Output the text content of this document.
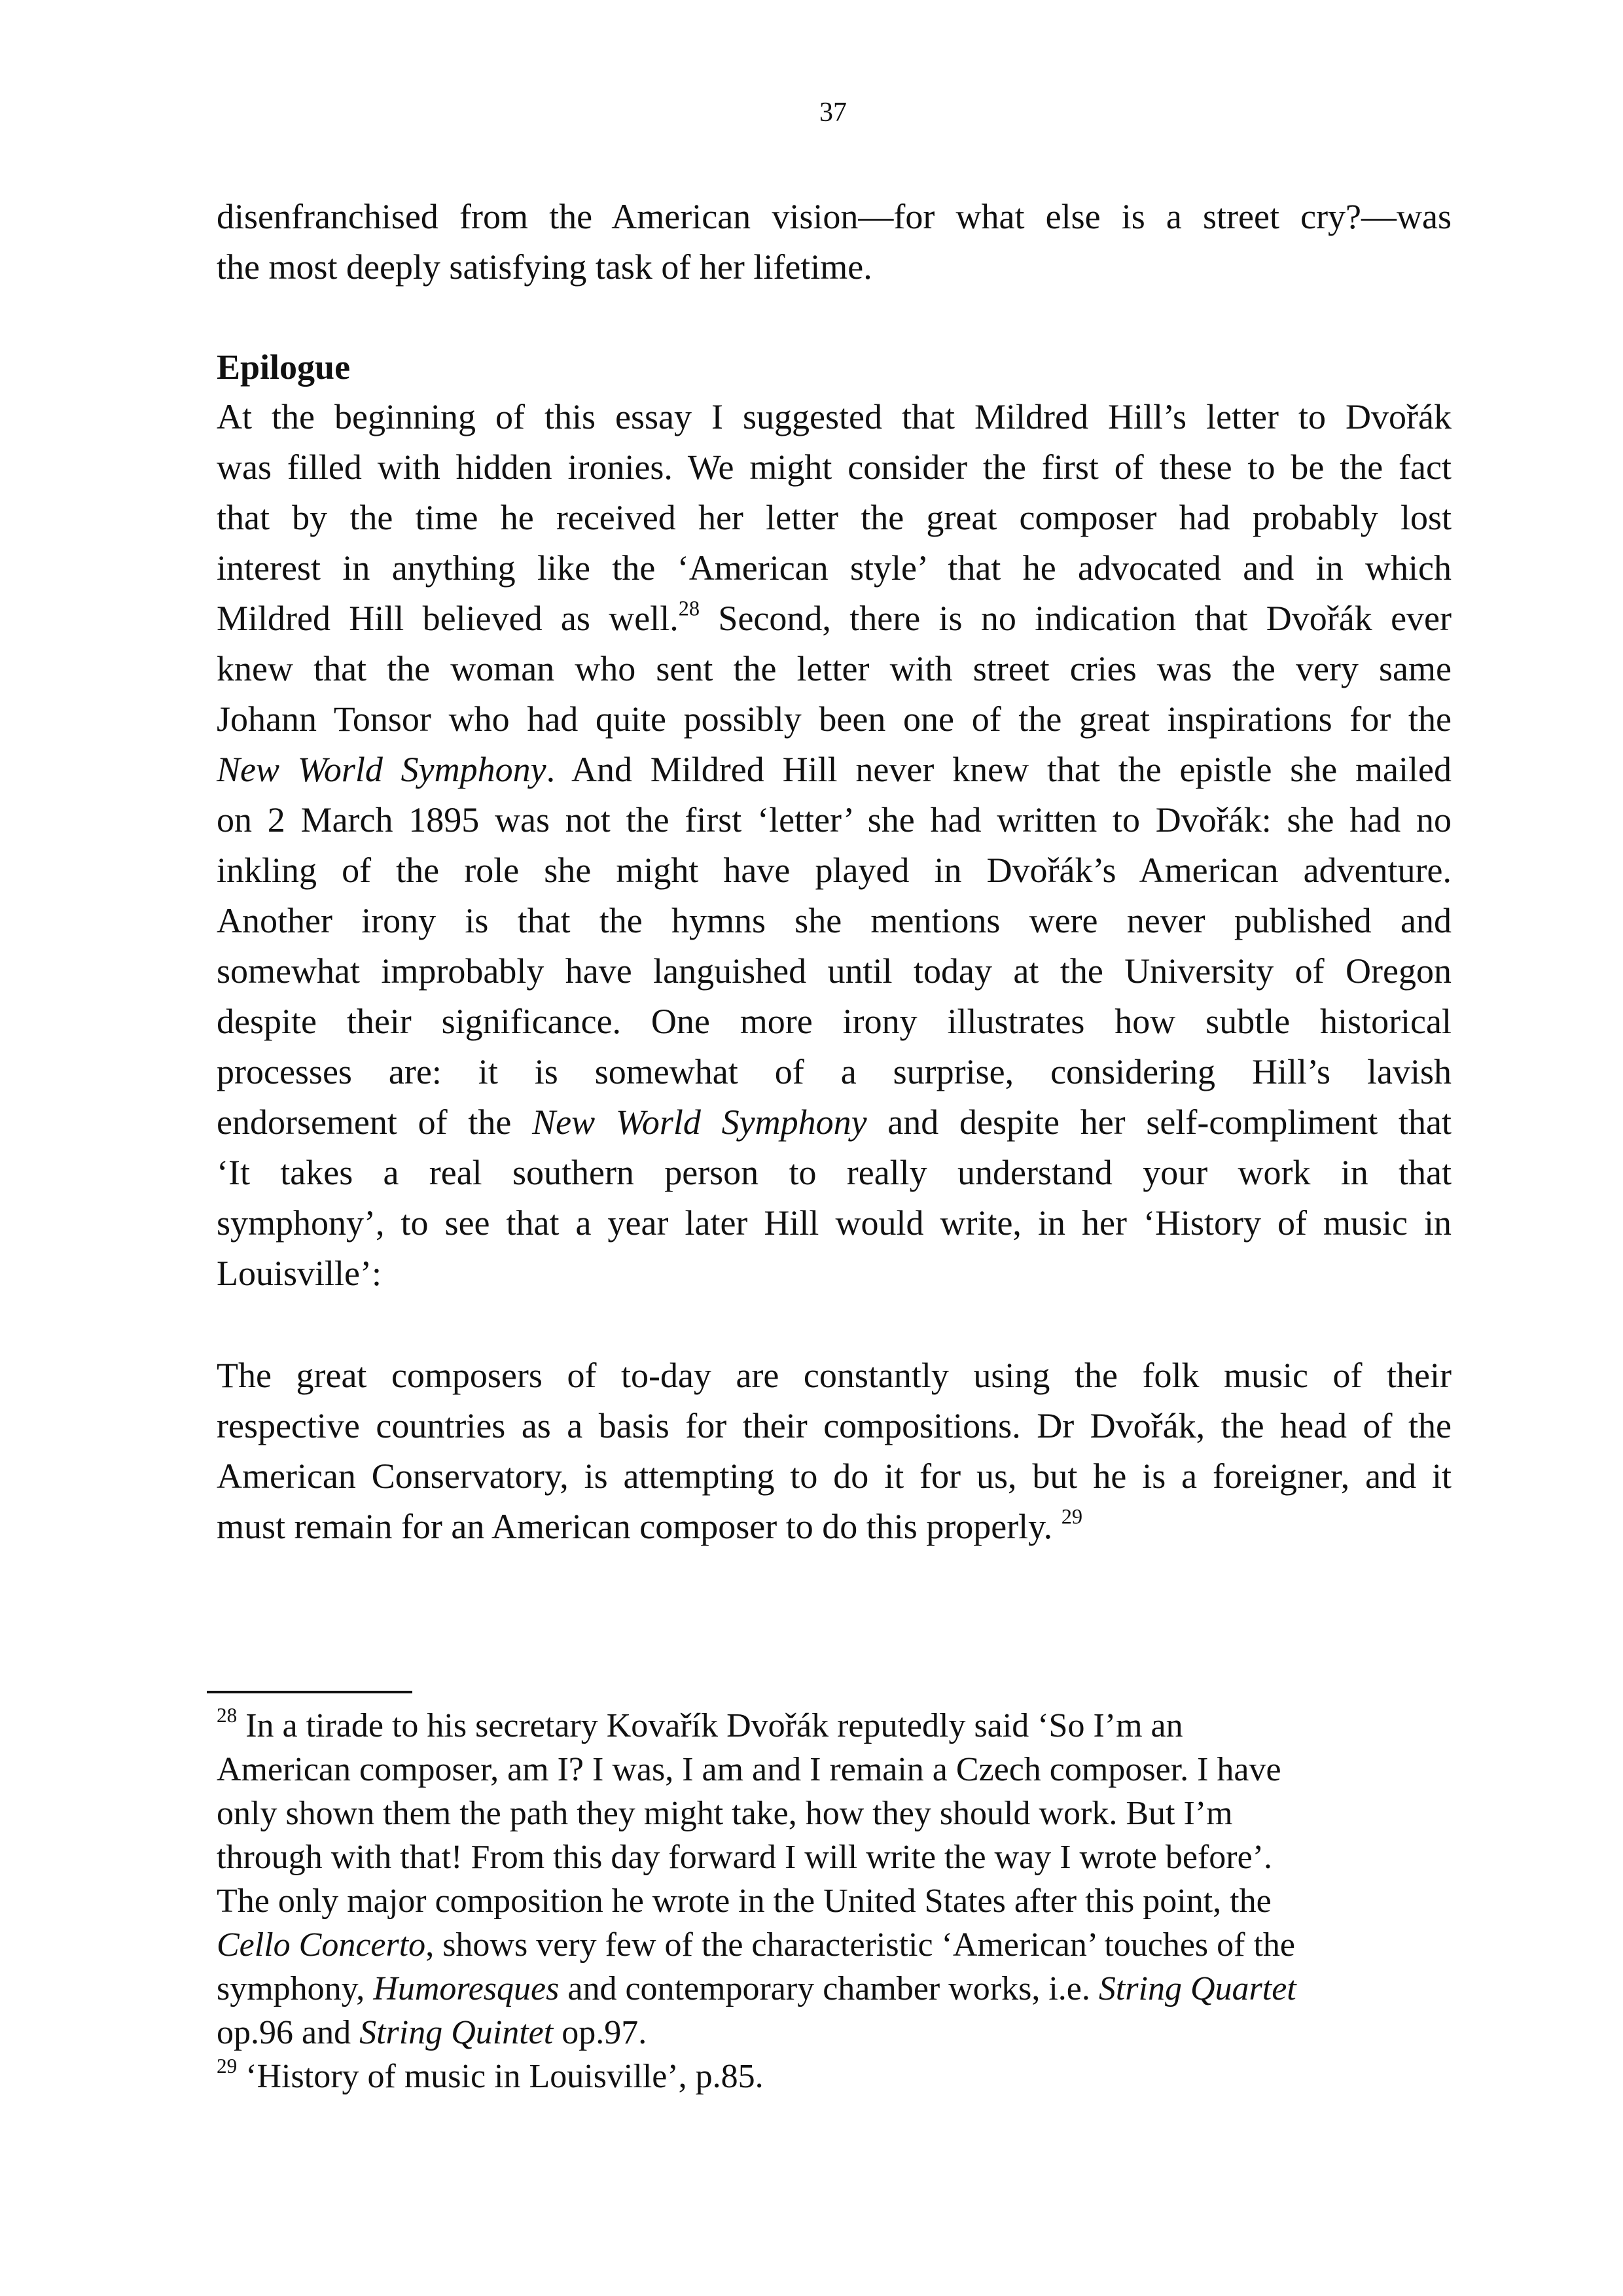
37
disenfranchised from the American vision—for what else is a street cry?—was
the most deeply satisfying task of her lifetime.
Epilogue
At the beginning of this essay I suggested that Mildred Hill’s letter to Dvořák
was filled with hidden ironies. We might consider the first of these to be the fact
that by the time he received her letter the great composer had probably lost
interest in anything like the ‘American style’ that he advocated and in which
Mildred Hill believed as well.$^{28}$ Second, there is no indication that Dvořák ever
knew that the woman who sent the letter with street cries was the very same
Johann Tonsor who had quite possibly been one of the great inspirations for the
New World Symphony. And Mildred Hill never knew that the epistle she mailed
on 2 March 1895 was not the first ‘letter’ she had written to Dvořák: she had no
inkling of the role she might have played in Dvořák’s American adventure.
Another irony is that the hymns she mentions were never published and
somewhat improbably have languished until today at the University of Oregon
despite their significance. One more irony illustrates how subtle historical
processes are: it is somewhat of a surprise, considering Hill’s lavish
endorsement of the New World Symphony and despite her self-compliment that
‘It takes a real southern person to really understand your work in that
symphony’, to see that a year later Hill would write, in her ‘History of music in
Louisville’:
The great composers of to-day are constantly using the folk music of their
respective countries as a basis for their compositions. Dr Dvořák, the head of the
American Conservatory, is attempting to do it for us, but he is a foreigner, and it
must remain for an American composer to do this properly. $^{29}$
$^{28}$ In a tirade to his secretary Kovařík Dvořák reputedly said ‘So I’m an
American composer, am I? I was, I am and I remain a Czech composer. I have
only shown them the path they might take, how they should work. But I’m
through with that! From this day forward I will write the way I wrote before’.
The only major composition he wrote in the United States after this point, the
Cello Concerto, shows very few of the characteristic ‘American’ touches of the
symphony, Humoresques and contemporary chamber works, i.e. String Quartet
op.96 and String Quintet op.97.
$^{29}$ ‘History of music in Louisville’, p.85.
